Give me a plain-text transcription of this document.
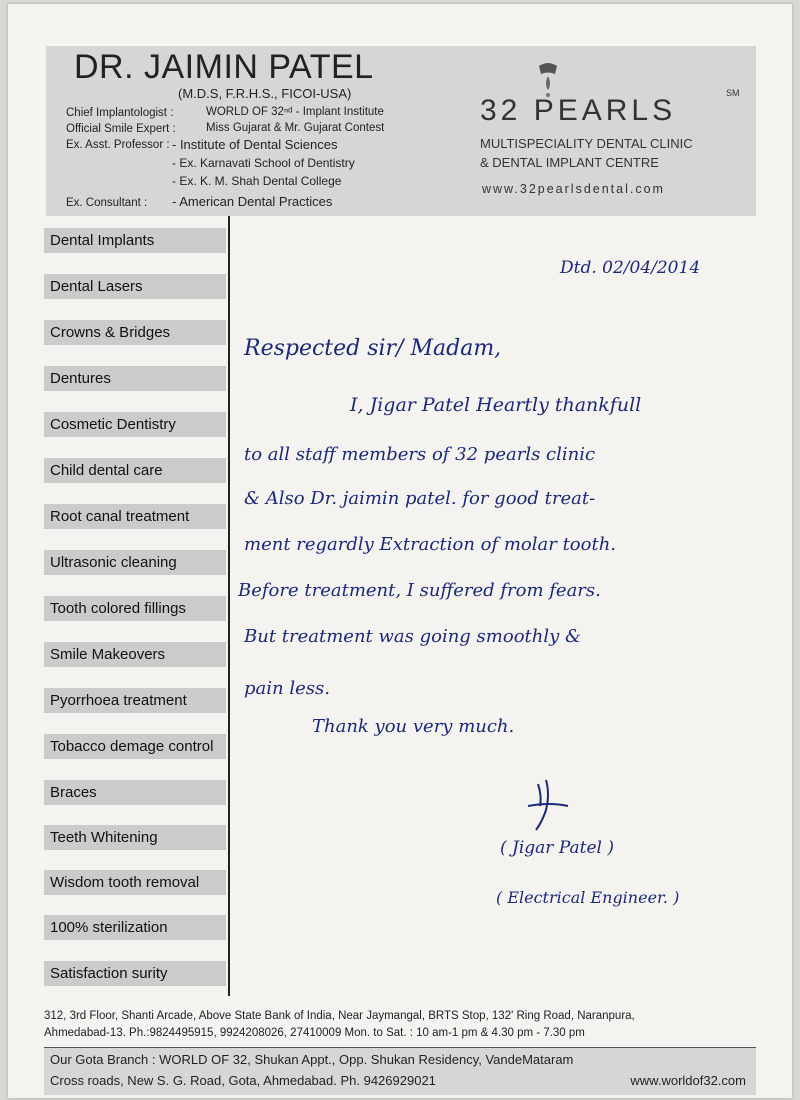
DR. JAIMIN PATEL
(M.D.S, F.R.H.S., FICOI-USA)
Chief Implantologist :	WORLD OF 32ⁿᵈ - Implant Institute
Official Smile Expert :	Miss Gujarat & Mr. Gujarat Contest
Ex. Asst. Professor : - Institute of Dental Sciences
- Ex. Karnavati School of Dentistry
- Ex. K. M. Shah Dental College
Ex. Consultant : - American Dental Practices
32 PEARLS
SM
MULTISPECIALITY DENTAL CLINIC
& DENTAL IMPLANT CENTRE
www.32pearlsdental.com
Dental Implants
Dental Lasers
Crowns & Bridges
Dentures
Cosmetic Dentistry
Child dental care
Root canal treatment
Ultrasonic cleaning
Tooth colored fillings
Smile Makeovers
Pyorrhoea treatment
Tobacco demage control
Braces
Teeth Whitening
Wisdom tooth removal
100% sterilization
Satisfaction surity
Dtd. 02/04/2014
Respected sir/ Madam,
I, Jigar Patel Heartly thankfull
to all staff members of 32 pearls clinic
& Also Dr. jaimin patel. for good treat-
ment regardly Extraction of molar tooth.
Before treatment, I suffered from fears.
But treatment was going smoothly &
pain less.
Thank you very much.
( Jigar Patel )
( Electrical Engineer. )
312, 3rd Floor, Shanti Arcade, Above State Bank of India, Near Jaymangal, BRTS Stop, 132' Ring Road, Naranpura,
Ahmedabad-13. Ph.:9824495915, 9924208026, 27410009 Mon. to Sat. : 10 am-1 pm & 4.30 pm - 7.30 pm
Our Gota Branch : WORLD OF 32, Shukan Appt., Opp. Shukan Residency, VandeMataram
Cross roads, New S. G. Road, Gota, Ahmedabad. Ph. 9426929021	www.worldof32.com
